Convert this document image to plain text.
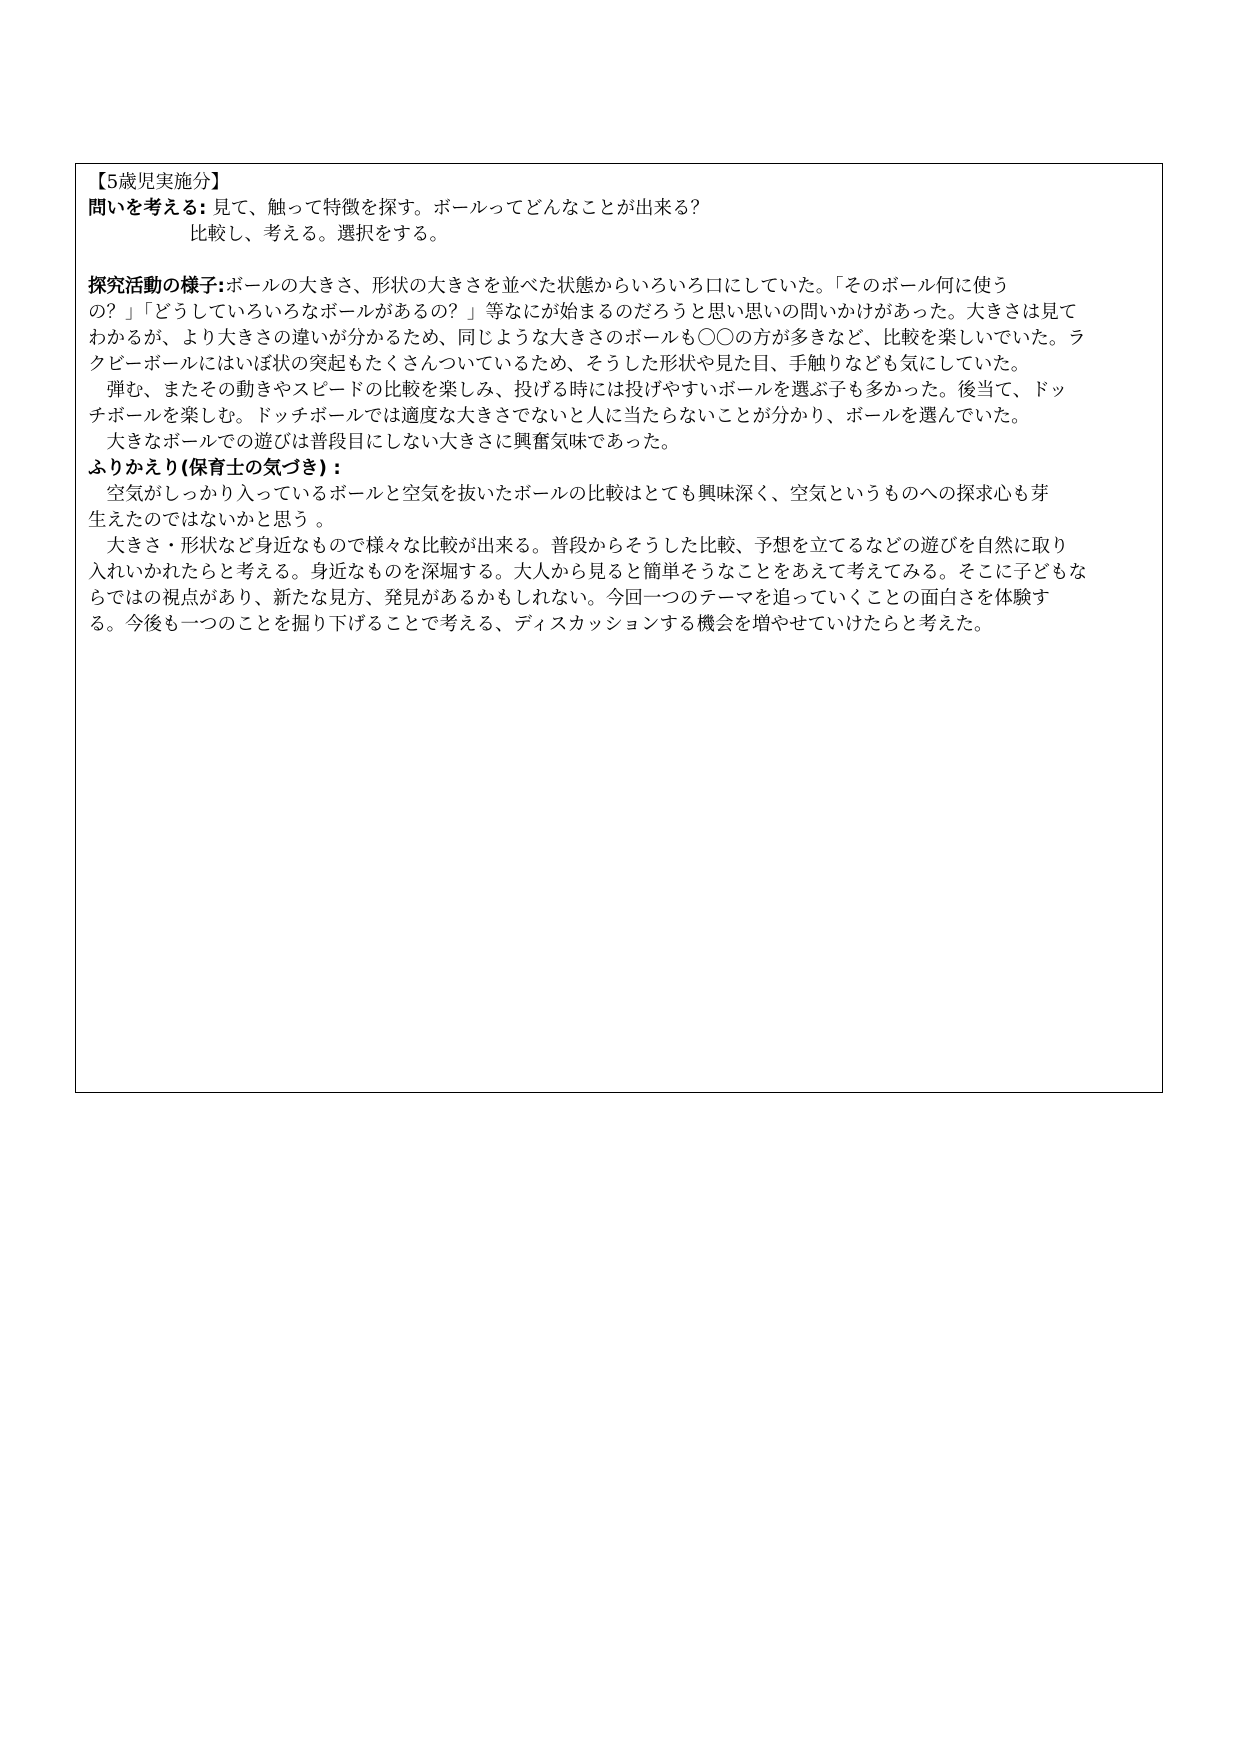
【5歳児実施分】
問いを考える: 見て、触って特徴を探す。ボールってどんなことが出来る？
比較し、考える。選択をする。
探究活動の様子:ボールの大きさ、形状の大きさを並べた状態からいろいろ口にしていた。「そのボール何に使う
の？」「どうしていろいろなボールがあるの？」等なにが始まるのだろうと思い思いの問いかけがあった。大きさは見て
わかるが、より大きさの違いが分かるため、同じような大きさのボールも〇〇の方が多きなど、比較を楽しいでいた。ラ
クビーボールにはいぼ状の突起もたくさんついているため、そうした形状や見た目、手触りなども気にしていた。
　弾む、またその動きやスピードの比較を楽しみ、投げる時には投げやすいボールを選ぶ子も多かった。後当て、ドッ
チボールを楽しむ。ドッチボールでは適度な大きさでないと人に当たらないことが分かり、ボールを選んでいた。
　大きなボールでの遊びは普段目にしない大きさに興奮気味であった。
ふりかえり(保育士の気づき) :
　空気がしっかり入っているボールと空気を抜いたボールの比較はとても興味深く、空気というものへの探求心も芽
生えたのではないかと思う 。
　大きさ・形状など身近なもので様々な比較が出来る。普段からそうした比較、予想を立てるなどの遊びを自然に取り
入れいかれたらと考える。身近なものを深堀する。大人から見ると簡単そうなことをあえて考えてみる。そこに子どもな
らではの視点があり、新たな見方、発見があるかもしれない。今回一つのテーマを追っていくことの面白さを体験す
る。今後も一つのことを掘り下げることで考える、ディスカッションする機会を増やせていけたらと考えた。
